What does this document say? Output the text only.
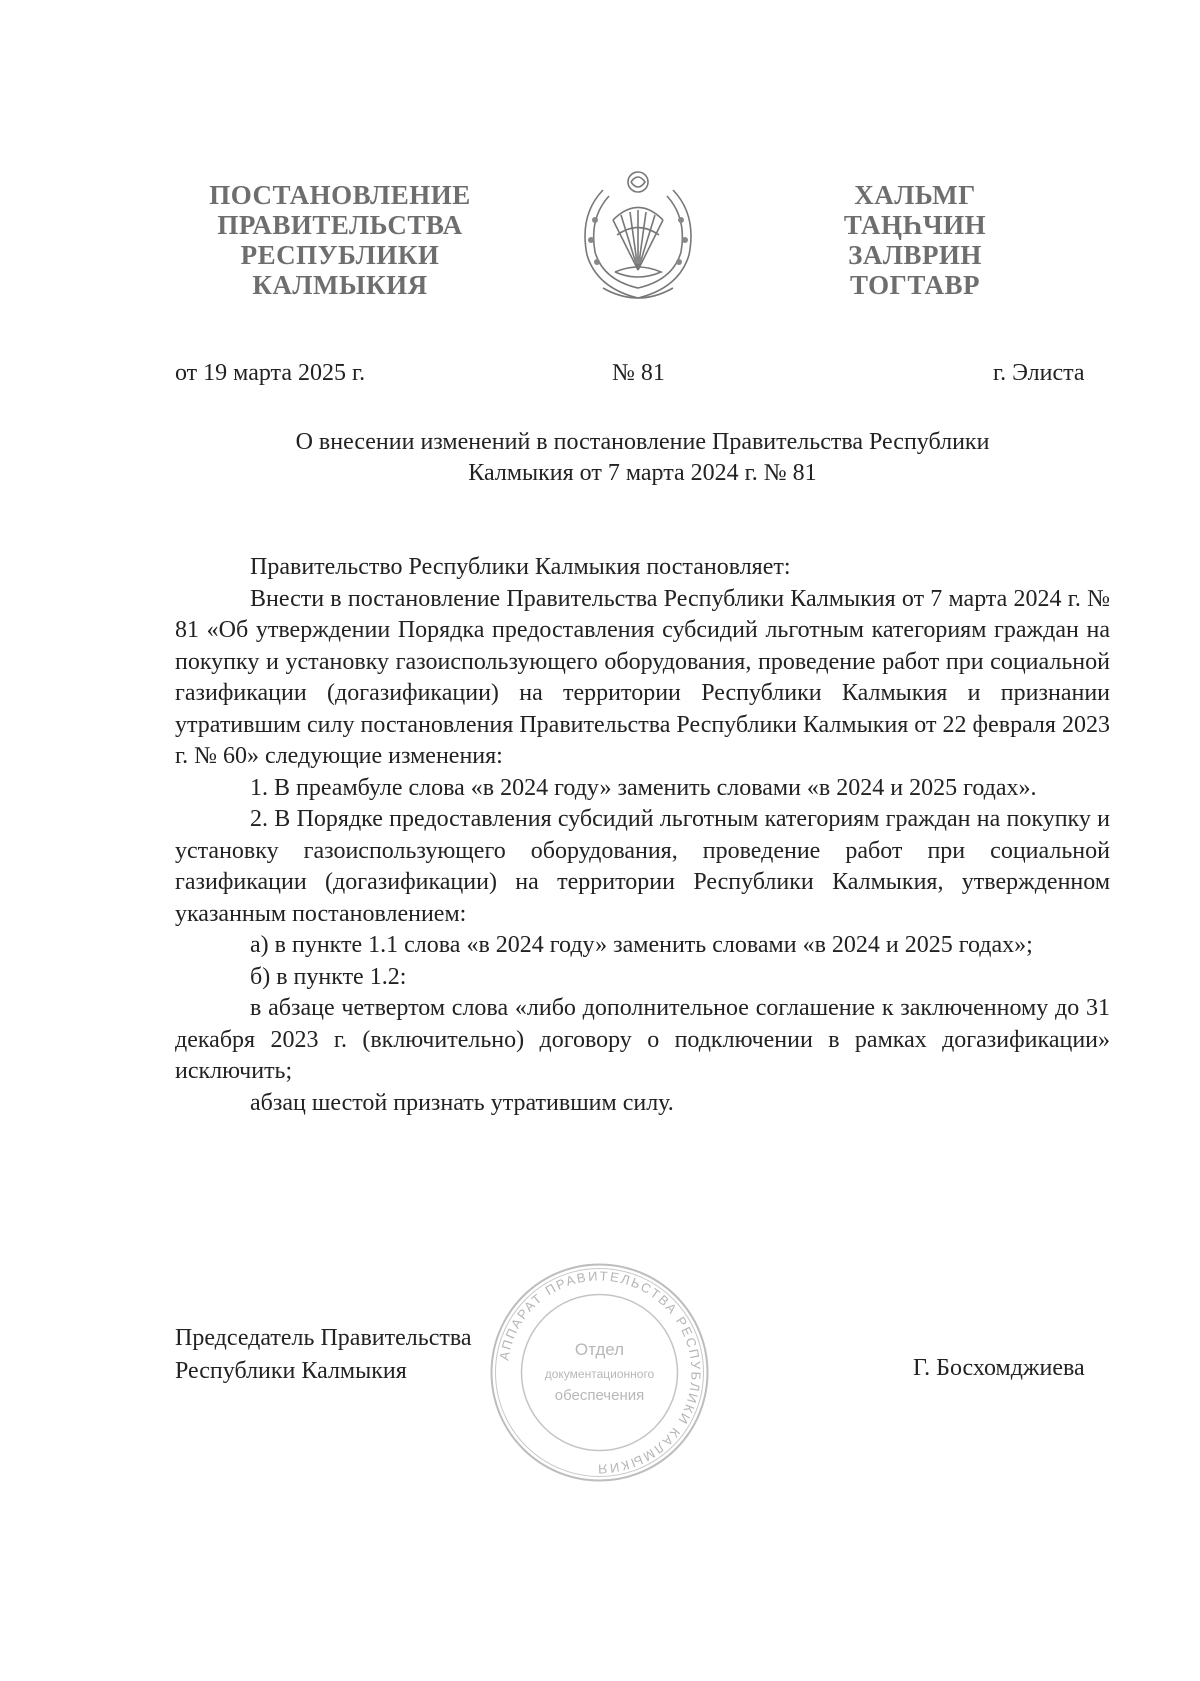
ПОСТАНОВЛЕНИЕ
ПРАВИТЕЛЬСТВА
РЕСПУБЛИКИ
КАЛМЫКИЯ
ХАЛЬМГ
ТАҢҺЧИН
ЗАЛВРИН
ТОГТАВР
от 19 марта 2025 г.	№ 81	г. Элиста
О внесении изменений в постановление Правительства Республики
Калмыкия от 7 марта 2024 г. № 81
Правительство Республики Калмыкия постановляет:
Внести в постановление Правительства Республики Калмыкия от 7 марта 2024 г. № 81 «Об утверждении Порядка предоставления субсидий льготным категориям граждан на покупку и установку газоиспользующего оборудования, проведение работ при социальной газификации (догазификации) на территории Республики Калмыкия и признании утратившим силу постановления Правительства Республики Калмыкия от 22 февраля 2023 г. № 60» следующие изменения:
1. В преамбуле слова «в 2024 году» заменить словами «в 2024 и 2025 годах».
2. В Порядке предоставления субсидий льготным категориям граждан на покупку и установку газоиспользующего оборудования, проведение работ при социальной газификации (догазификации) на территории Республики Калмыкия, утвержденном указанным постановлением:
а) в пункте 1.1 слова «в 2024 году» заменить словами «в 2024 и 2025 годах»;
б) в пункте 1.2:
в абзаце четвертом слова «либо дополнительное соглашение к заключенному до 31 декабря 2023 г. (включительно) договору о подключении в рамках догазификации» исключить;
абзац шестой признать утратившим силу.
Председатель Правительства
Республики Калмыкия	Г. Босхомджиева
АППАРАТ ПРАВИТЕЛЬСТВА РЕСПУБЛИКИ КАЛМЫКИЯ
Отдел
документационного
обеспечения
